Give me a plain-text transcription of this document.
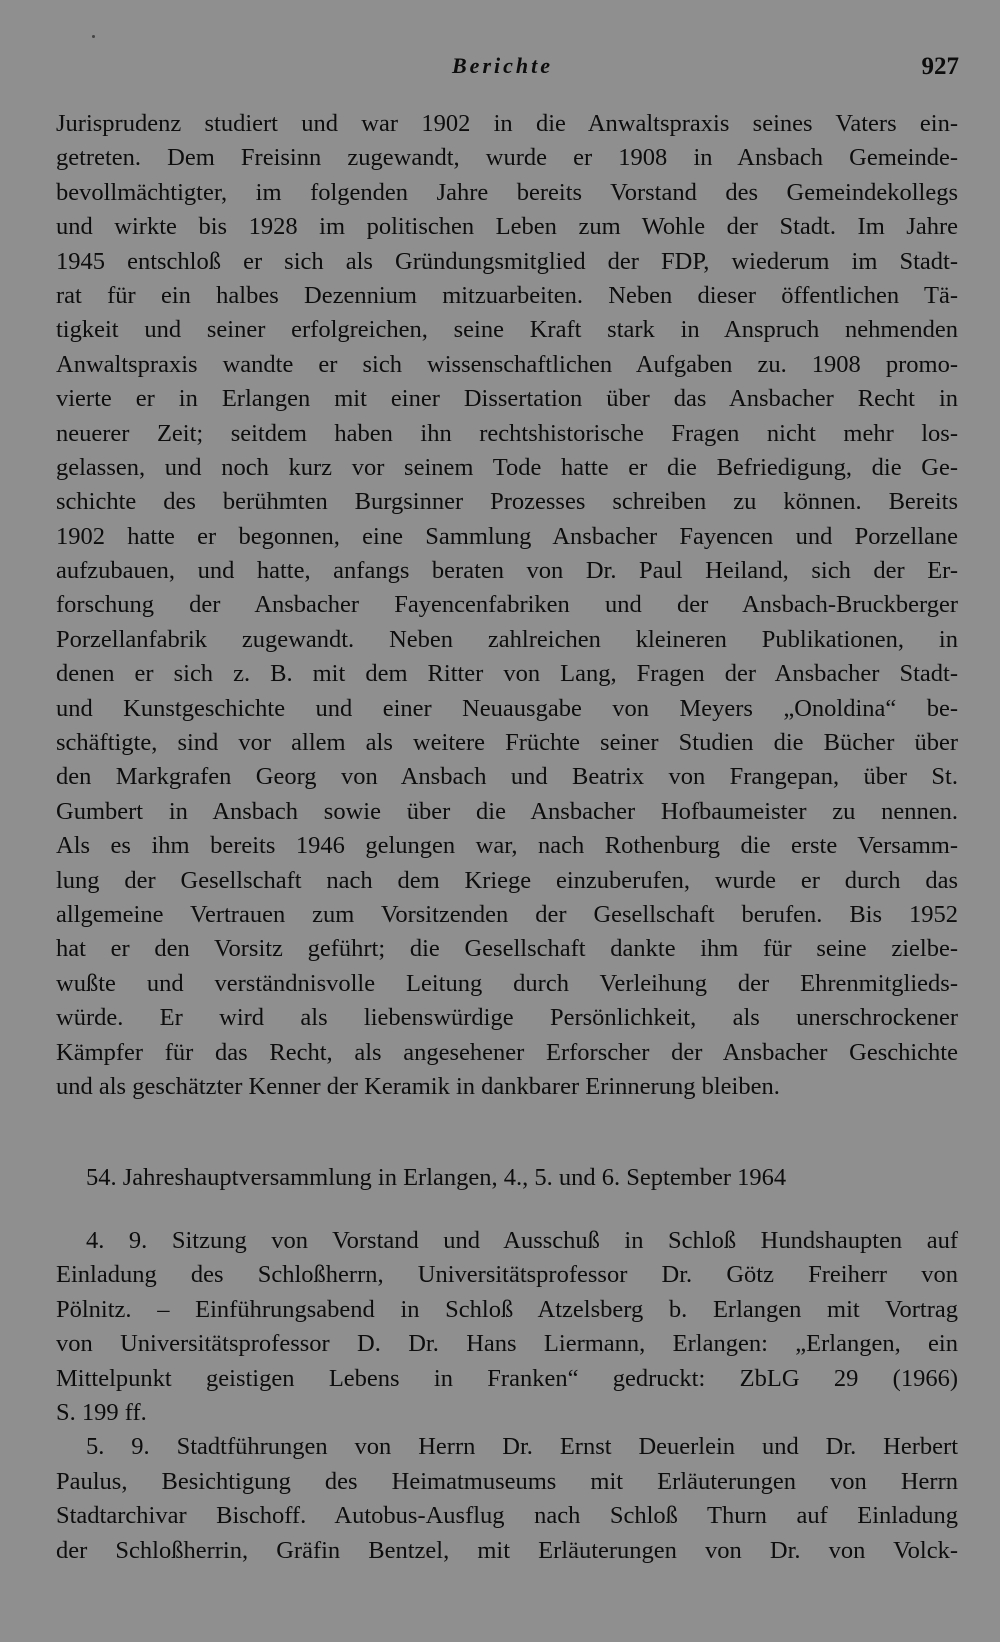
Berichte	927
Jurisprudenz studiert und war 1902 in die Anwaltspraxis seines Vaters ein-
getreten. Dem Freisinn zugewandt, wurde er 1908 in Ansbach Gemeinde-
bevollmächtigter, im folgenden Jahre bereits Vorstand des Gemeindekollegs
und wirkte bis 1928 im politischen Leben zum Wohle der Stadt. Im Jahre
1945 entschloß er sich als Gründungsmitglied der FDP, wiederum im Stadt-
rat für ein halbes Dezennium mitzuarbeiten. Neben dieser öffentlichen Tä-
tigkeit und seiner erfolgreichen, seine Kraft stark in Anspruch nehmenden
Anwaltspraxis wandte er sich wissenschaftlichen Aufgaben zu. 1908 promo-
vierte er in Erlangen mit einer Dissertation über das Ansbacher Recht in
neuerer Zeit; seitdem haben ihn rechtshistorische Fragen nicht mehr los-
gelassen, und noch kurz vor seinem Tode hatte er die Befriedigung, die Ge-
schichte des berühmten Burgsinner Prozesses schreiben zu können. Bereits
1902 hatte er begonnen, eine Sammlung Ansbacher Fayencen und Porzellane
aufzubauen, und hatte, anfangs beraten von Dr. Paul Heiland, sich der Er-
forschung der Ansbacher Fayencenfabriken und der Ansbach-Bruckberger
Porzellanfabrik zugewandt. Neben zahlreichen kleineren Publikationen, in
denen er sich z. B. mit dem Ritter von Lang, Fragen der Ansbacher Stadt-
und Kunstgeschichte und einer Neuausgabe von Meyers „Onoldina“ be-
schäftigte, sind vor allem als weitere Früchte seiner Studien die Bücher über
den Markgrafen Georg von Ansbach und Beatrix von Frangepan, über St.
Gumbert in Ansbach sowie über die Ansbacher Hofbaumeister zu nennen.
Als es ihm bereits 1946 gelungen war, nach Rothenburg die erste Versamm-
lung der Gesellschaft nach dem Kriege einzuberufen, wurde er durch das
allgemeine Vertrauen zum Vorsitzenden der Gesellschaft berufen. Bis 1952
hat er den Vorsitz geführt; die Gesellschaft dankte ihm für seine zielbe-
wußte und verständnisvolle Leitung durch Verleihung der Ehrenmitglieds-
würde. Er wird als liebenswürdige Persönlichkeit, als unerschrockener
Kämpfer für das Recht, als angesehener Erforscher der Ansbacher Geschichte
und als geschätzter Kenner der Keramik in dankbarer Erinnerung bleiben.
54. Jahreshauptversammlung in Erlangen, 4., 5. und 6. September 1964
4. 9. Sitzung von Vorstand und Ausschuß in Schloß Hundshaupten auf
Einladung des Schloßherrn, Universitätsprofessor Dr. Götz Freiherr von
Pölnitz. – Einführungsabend in Schloß Atzelsberg b. Erlangen mit Vortrag
von Universitätsprofessor D. Dr. Hans Liermann, Erlangen: „Erlangen, ein
Mittelpunkt geistigen Lebens in Franken“ gedruckt: ZbLG 29 (1966)
S. 199 ff.
5. 9. Stadtführungen von Herrn Dr. Ernst Deuerlein und Dr. Herbert
Paulus, Besichtigung des Heimatmuseums mit Erläuterungen von Herrn
Stadtarchivar Bischoff. Autobus-Ausflug nach Schloß Thurn auf Einladung
der Schloßherrin, Gräfin Bentzel, mit Erläuterungen von Dr. von Volck-
